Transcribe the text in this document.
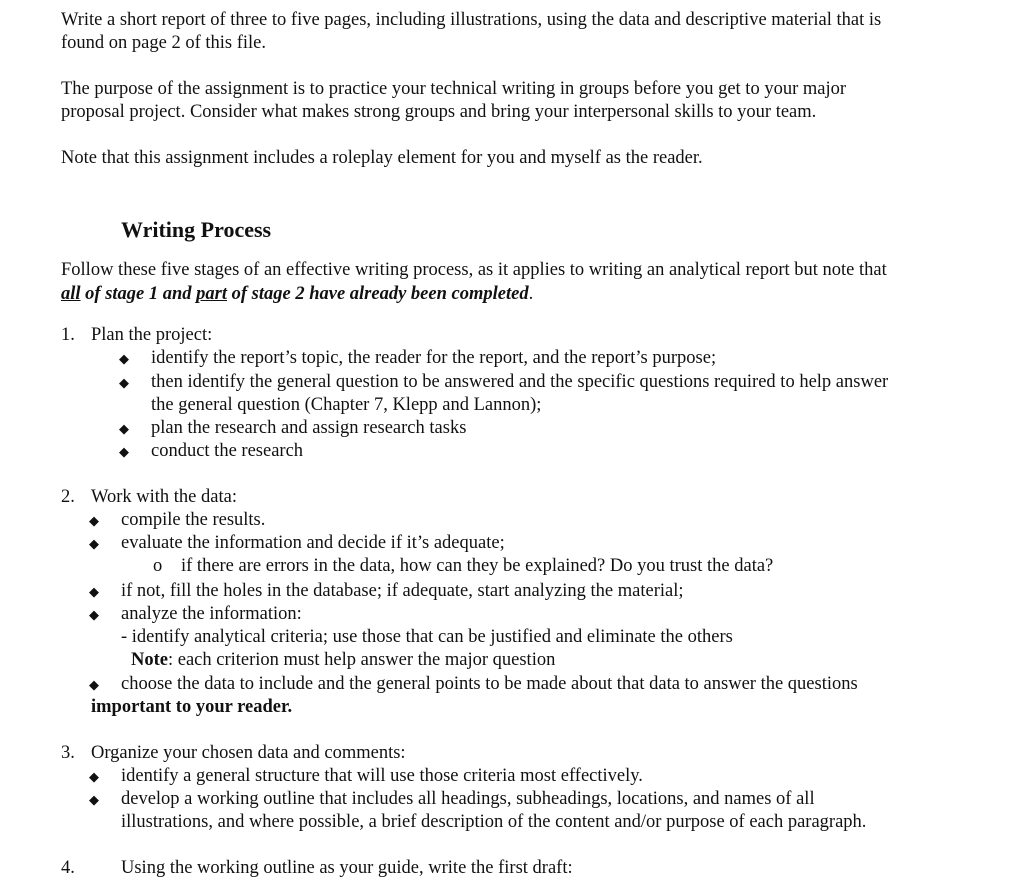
Write a short report of three to five pages, including illustrations, using the data and descriptive material that is
found on page 2 of this file.
The purpose of the assignment is to practice your technical writing in groups before you get to your major
proposal project. Consider what makes strong groups and bring your interpersonal skills to your team.
Note that this assignment includes a roleplay element for you and myself as the reader.
Writing Process
Follow these five stages of an effective writing process, as it applies to writing an analytical report but note that
all of stage 1 and part of stage 2 have already been completed.
1. Plan the project:
◆ identify the report’s topic, the reader for the report, and the report’s purpose;
◆ then identify the general question to be answered and the specific questions required to help answer
the general question (Chapter 7, Klepp and Lannon);
◆ plan the research and assign research tasks
◆ conduct the research
2. Work with the data:
◆ compile the results.
◆ evaluate the information and decide if it’s adequate;
o if there are errors in the data, how can they be explained? Do you trust the data?
◆ if not, fill the holes in the database; if adequate, start analyzing the material;
◆ analyze the information:
- identify analytical criteria; use those that can be justified and eliminate the others
Note: each criterion must help answer the major question
◆ choose the data to include and the general points to be made about that data to answer the questions
important to your reader.
3. Organize your chosen data and comments:
◆ identify a general structure that will use those criteria most effectively.
◆ develop a working outline that includes all headings, subheadings, locations, and names of all
illustrations, and where possible, a brief description of the content and/or purpose of each paragraph.
4. Using the working outline as your guide, write the first draft:
